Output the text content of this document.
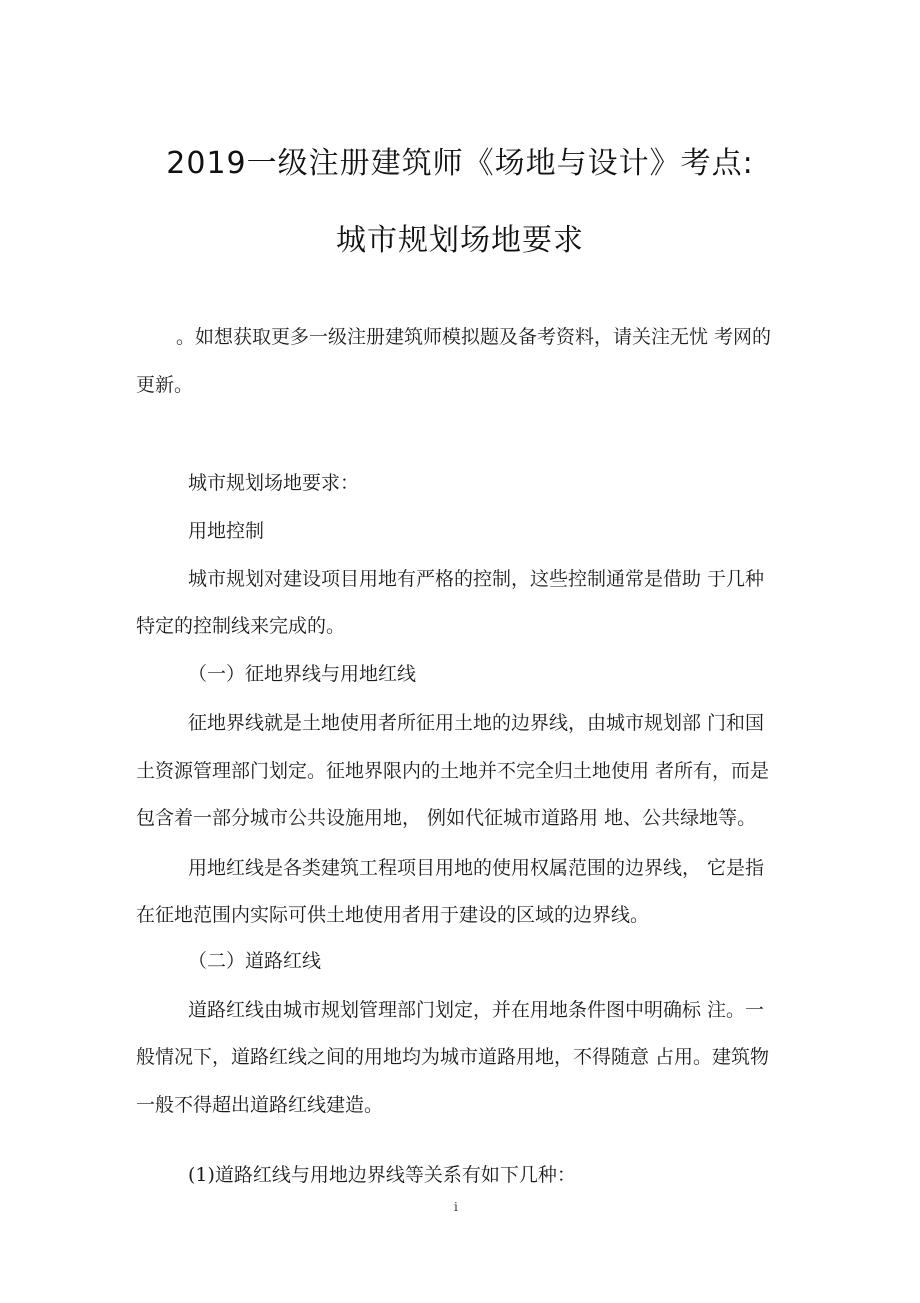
2019一级注册建筑师《场地与设计》考点:
城市规划场地要求
。如想获取更多一级注册建筑师模拟题及备考资料，请关注无忧 考网的
更新。
城市规划场地要求：
用地控制
城市规划对建设项目用地有严格的控制，这些控制通常是借助 于几种
特定的控制线来完成的。
（一）征地界线与用地红线
征地界线就是土地使用者所征用土地的边界线，由城市规划部 门和国
土资源管理部门划定。征地界限内的土地并不完全归土地使用 者所有，而是
包含着一部分城市公共设施用地， 例如代征城市道路用 地、公共绿地等。
用地红线是各类建筑工程项目用地的使用权属范围的边界线， 它是指
在征地范围内实际可供土地使用者用于建设的区域的边界线。
（二）道路红线
道路红线由城市规划管理部门划定，并在用地条件图中明确标 注。一
般情况下，道路红线之间的用地均为城市道路用地，不得随意 占用。建筑物
一般不得超出道路红线建造。
(1)道路红线与用地边界线等关系有如下几种：
i
